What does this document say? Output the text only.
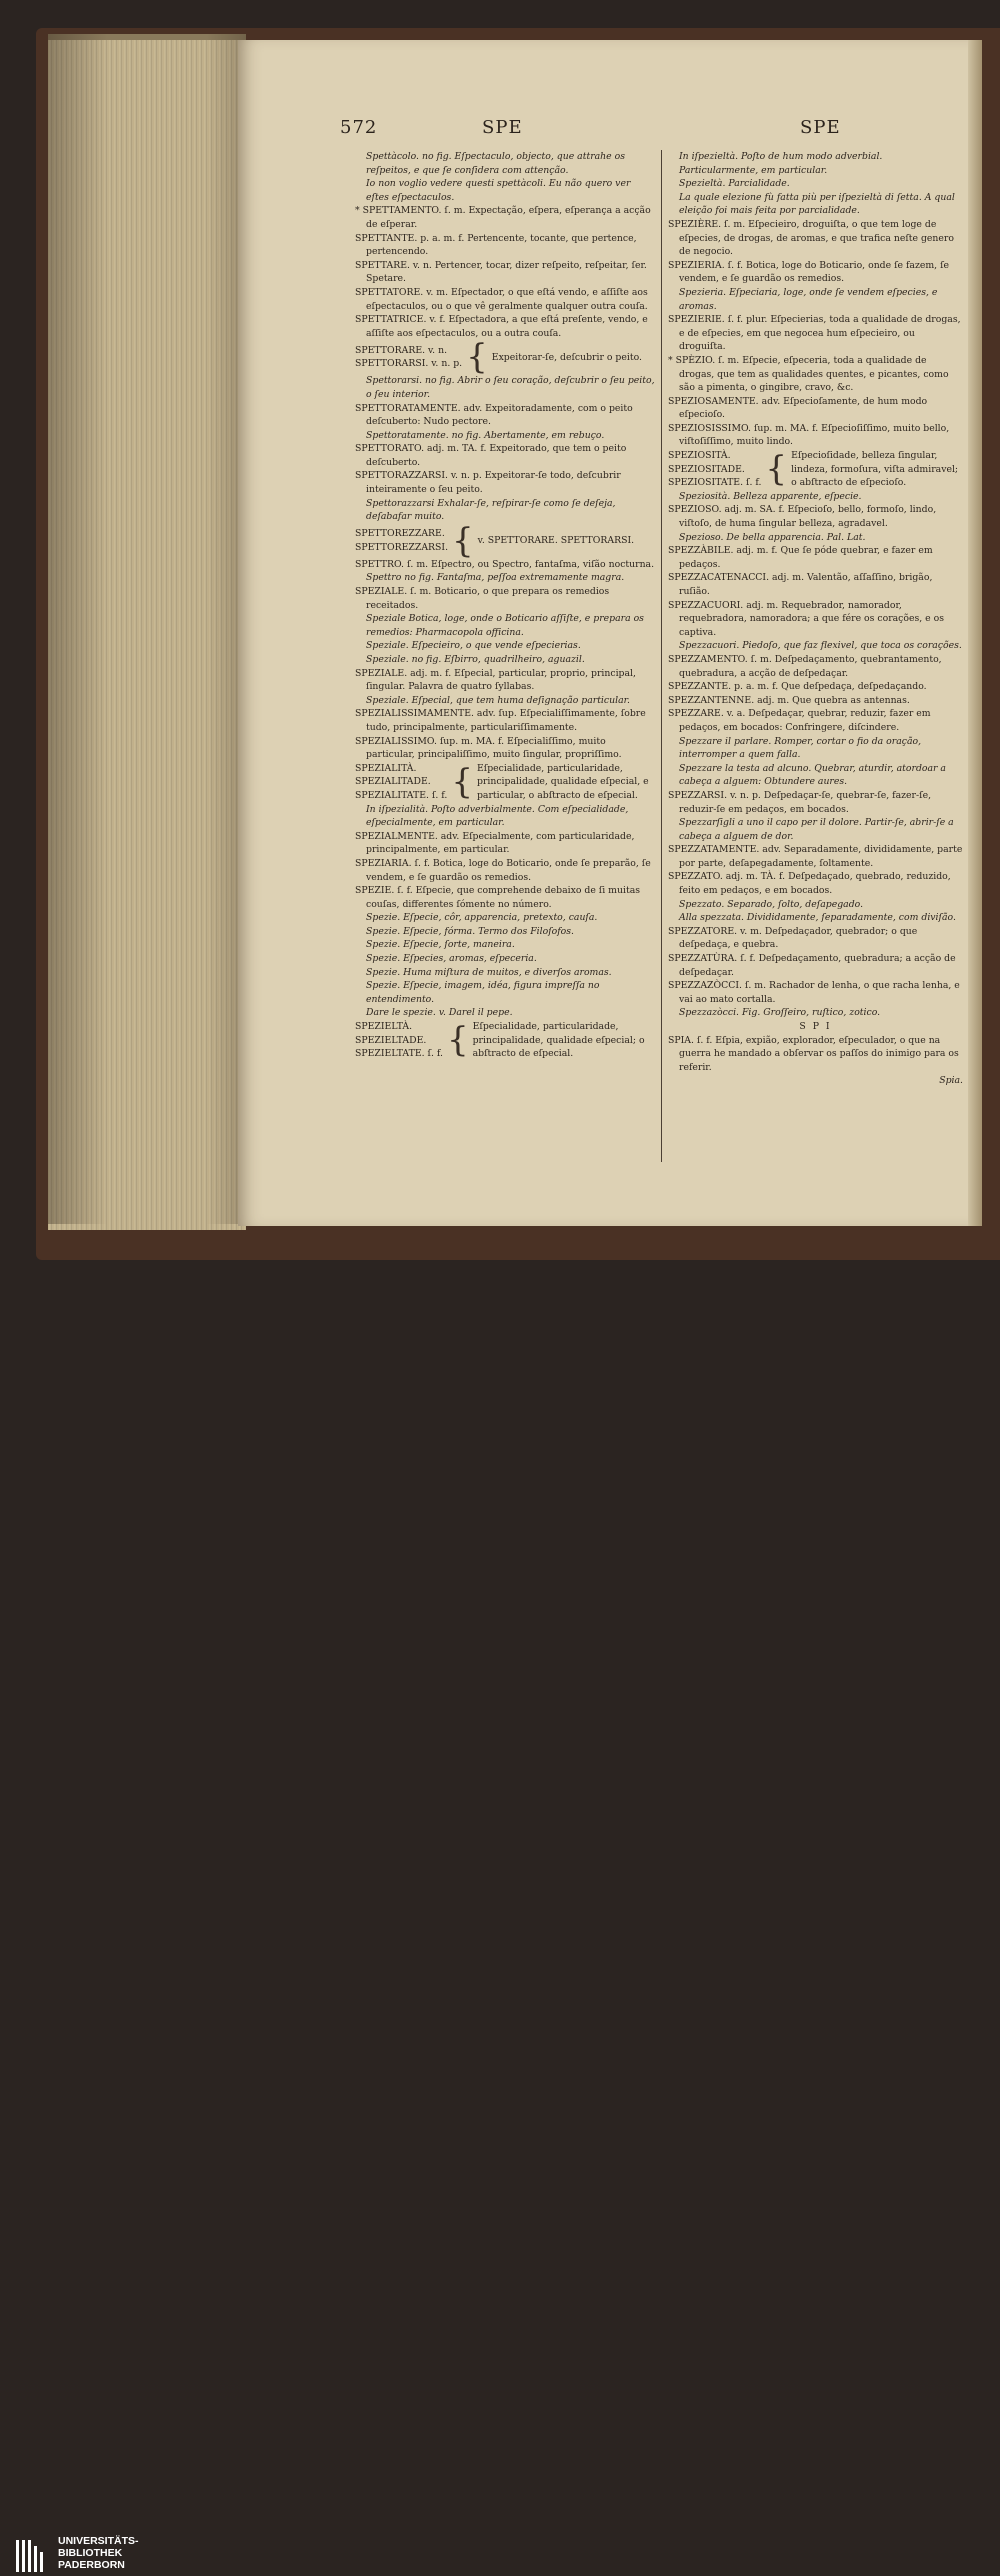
572	SPE	SPE

Spettàcolo. no fig. Eſpectaculo, objecto, que attrahe os reſpeitos, e que ſe conſidera com attenção.

Io non voglio vedere questi spettàcoli. Eu não quero ver eſtes eſpectaculos.

* SPETTAMENTO. ſ. m. Expectação, eſpera, eſperança a acção de eſperar.

SPETTANTE. p. a. m. f. Pertencente, tocante, que pertence, pertencendo.

SPETTARE. v. n. Pertencer, tocar, dizer reſpeito, reſpeitar, ſer. Spetare.

SPETTATORE. v. m. Eſpectador, o que eſtá vendo, e aſſiſte aos eſpectaculos, ou o que vê geralmente qualquer outra couſa.

SPETTATRICE. v. f. Eſpectadora, a que eſtá preſente, vendo, e aſſiſte aos eſpectaculos, ou a outra couſa.

SPETTORARE. v. n.
SPETTORARSI. v. n. p. { Expeitorar-ſe, deſcubrir o peito.

Spettorarsi. no fig. Abrir o ſeu coração, deſcubrir o ſeu peito, o ſeu interior.

SPETTORATAMENTE. adv. Expeitoradamente, com o peito deſcuberto: Nudo pectore.

Spettoratamente. no fig. Abertamente, em rebuço.

SPETTORATO. adj. m. TA. f. Expeitorado, que tem o peito deſcuberto.

SPETTORAZZARSI. v. n. p. Expeitorar-ſe todo, deſcubrir inteiramente o ſeu peito.

Spettorazzarsi Exhalar-ſe, reſpirar-ſe como ſe deſeja, deſabafar muito.

SPETTOREZZARE.
SPETTOREZZARSI. { v. SPETTORARE. SPETTORARSI.

SPETTRO. ſ. m. Eſpectro, ou Spectro, fantaſma, viſão nocturna.

Spettro no fig. Fantaſma, peſſoa extremamente magra.

SPEZIALE. ſ. m. Boticario, o que prepara os remedios receitados.

Speziale Botica, loge, onde o Boticario aſſiſte, e prepara os remedios: Pharmacopola officina.

Speziale. Eſpecieiro, o que vende eſpecierias.

Speziale. no fig. Eſbirro, quadrilheiro, aguazil.

SPEZIALE. adj. m. f. Eſpecial, particular, proprio, principal, ſingular. Palavra de quatro ſyllabas.

Speziale. Eſpecial, que tem huma deſignação particular.

SPEZIALISSIMAMENTE. adv. ſup. Eſpecialiſſimamente, ſobre tudo, principalmente, particulariſſimamente.

SPEZIALISSIMO. ſup. m. MA. f. Eſpecialiſſimo, muito particular, principaliſſimo, muito ſingular, propriſſimo.

SPEZIALITÀ.
SPEZIALITADE.
SPEZIALITATE. ſ. f. { Eſpecialidade, particularidade, principalidade, qualidade eſpecial, e particular, o abſtracto de eſpecial.

In iſpezialità. Poſto adverbialmente. Com eſpecialidade, eſpecialmente, em particular.

SPEZIALMENTE. adv. Eſpecialmente, com particularidade, principalmente, em particular.

SPEZIARIA. ſ. f. Botica, loge do Boticario, onde ſe preparão, ſe vendem, e ſe guardão os remedios.

SPEZIE. ſ. f. Eſpecie, que comprehende debaixo de ſi muitas couſas, differentes ſómente no número.

Spezie. Eſpecie, côr, apparencia, pretexto, cauſa.

Spezie. Eſpecie, fórma. Termo dos Filoſofos.

Spezie. Eſpecie, ſorte, maneira.

Spezie. Eſpecies, aromas, eſpeceria.

Spezie. Huma miſtura de muitos, e diverſos aromas.

Spezie. Eſpecie, imagem, idéa, figura impreſſa no entendimento.

Dare le spezie. v. Darel il pepe.

SPEZIELTÀ.
SPEZIELTADE.
SPEZIELTATE. ſ. f. { Eſpecialidade, particularidade, principalidade, qualidade eſpecial; o abſtracto de eſpecial.

In iſpezieltà. Poſto de hum modo adverbial. Particularmente, em particular.

Spezieltà. Parcialidade.

La quale elezione fù fatta più per iſpezieltà di ſetta. A qual eleição foi mais feita por parcialidade.

SPEZIÈRE. ſ. m. Eſpecieiro, droguiſta, o que tem loge de eſpecies, de drogas, de aromas, e que trafica neſte genero de negocio.

SPEZIERIA. ſ. f. Botica, loge do Boticario, onde ſe fazem, ſe vendem, e ſe guardão os remedios.

Spezieria. Eſpeciaria, loge, onde ſe vendem eſpecies, e aromas.

SPEZIERIE. ſ. f. plur. Eſpecierias, toda a qualidade de drogas, e de eſpecies, em que negocea hum eſpecieiro, ou droguiſta.

* SPÈZIO. ſ. m. Eſpecie, eſpeceria, toda a qualidade de drogas, que tem as qualidades quentes, e picantes, como são a pimenta, o gingibre, cravo, &c.

SPEZIOSAMENTE. adv. Eſpecioſamente, de hum modo eſpecioſo.

SPEZIOSISSIMO. ſup. m. MA. f. Eſpecioſiſſimo, muito bello, viſtoſiſſimo, muito lindo.

SPEZIOSITÀ.
SPEZIOSITADE.
SPEZIOSITATE. ſ. f. { Eſpecioſidade, belleza ſingular, lindeza, formoſura, viſta admiravel; o abſtracto de eſpecioſo.

Speziosità. Belleza apparente, eſpecie.

SPEZIOSO. adj. m. SA. f. Eſpecioſo, bello, formoſo, lindo, viſtoſo, de huma ſingular belleza, agradavel.

Spezioso. De bella apparencia. Pal. Lat.

SPEZZÀBILE. adj. m. f. Que ſe póde quebrar, e fazer em pedaços.

SPEZZACATENACCI. adj. m. Valentão, aſſaſſino, brigão, ruſião.

SPEZZACUORI. adj. m. Requebrador, namorador, requebradora, namoradora; a que fére os corações, e os captiva.

Spezzacuori. Piedoſo, que faz flexivel, que toca os corações.

SPEZZAMENTO. ſ. m. Deſpedaçamento, quebrantamento, quebradura, a acção de deſpedaçar.

SPEZZANTE. p. a. m. f. Que deſpedaça, deſpedaçando.

SPEZZANTENNE. adj. m. Que quebra as antennas.

SPEZZARE. v. a. Deſpedaçar, quebrar, reduzir, fazer em pedaços, em bocados: Confringere, diſcindere.

Spezzare il parlare. Romper, cortar o fio da oração, interromper a quem falla.

Spezzare la testa ad alcuno. Quebrar, aturdir, atordoar a cabeça a alguem: Obtundere aures.

SPEZZARSI. v. n. p. Deſpedaçar-ſe, quebrar-ſe, fazer-ſe, reduzir-ſe em pedaços, em bocados.

Spezzarſigli a uno il capo per il dolore. Partir-ſe, abrir-ſe a cabeça a alguem de dor.

SPEZZATAMENTE. adv. Separadamente, divididamente, parte por parte, deſapegadamente, ſoltamente.

SPEZZATO. adj. m. TÀ. f. Deſpedaçado, quebrado, reduzido, feito em pedaços, e em bocados.

Spezzato. Separado, ſolto, deſapegado.

Alla spezzata. Divididamente, ſeparadamente, com diviſão.

SPEZZATORE. v. m. Deſpedaçador, quebrador; o que deſpedaça, e quebra.

SPEZZATÙRA. ſ. f. Deſpedaçamento, quebradura; a acção de deſpedaçar.

SPEZZAZÒCCI. ſ. m. Rachador de lenha, o que racha lenha, e vai ao mato cortalla.

Spezzazòcci. Fig. Groſſeiro, ruſtico, zotico.

S P I

SPIA. ſ. f. Eſpia, expião, explorador, eſpeculador, o que na guerra he mandado a obſervar os paſſos do inimigo para os referir.

Spia.

UNIVERSITÄTS-
BIBLIOTHEK
PADERBORN
